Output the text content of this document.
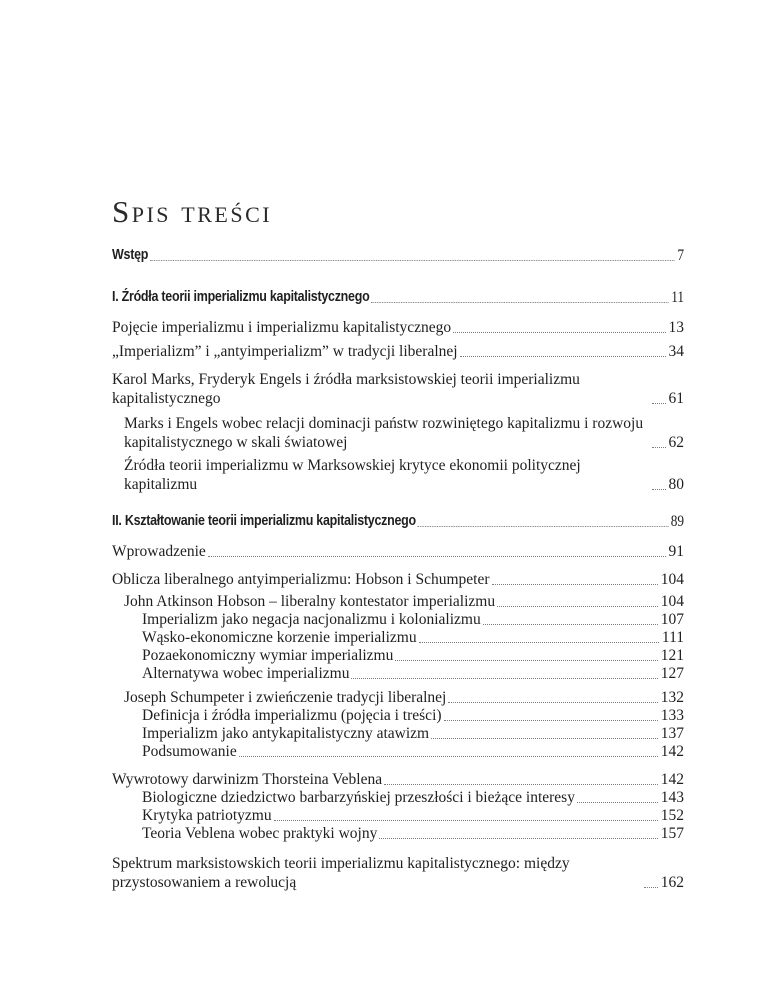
Spis treści
Wstęp	7
I. Źródła teorii imperializmu kapitalistycznego	11
Pojęcie imperializmu i imperializmu kapitalistycznego	13
„Imperializm” i „antyimperializm” w tradycji liberalnej	34
Karol Marks, Fryderyk Engels i źródła marksistowskiej teorii imperializmu kapitalistycznego	61
Marks i Engels wobec relacji dominacji państw rozwiniętego kapitalizmu i rozwoju kapitalistycznego w skali światowej	62
Źródła teorii imperializmu w Marksowskiej krytyce ekonomii politycznej kapitalizmu	80
II. Kształtowanie teorii imperializmu kapitalistycznego	89
Wprowadzenie	91
Oblicza liberalnego antyimperializmu: Hobson i Schumpeter	104
John Atkinson Hobson – liberalny kontestator imperializmu	104
Imperializm jako negacja nacjonalizmu i kolonializmu	107
Wąsko-ekonomiczne korzenie imperializmu	111
Pozaekonomiczny wymiar imperializmu	121
Alternatywa wobec imperializmu	127
Joseph Schumpeter i zwieńczenie tradycji liberalnej	132
Definicja i źródła imperializmu (pojęcia i treści)	133
Imperializm jako antykapitalistyczny atawizm	137
Podsumowanie	142
Wywrotowy darwinizm Thorsteina Veblena	142
Biologiczne dziedzictwo barbarzyńskiej przeszłości i bieżące interesy	143
Krytyka patriotyzmu	152
Teoria Veblena wobec praktyki wojny	157
Spektrum marksistowskich teorii imperializmu kapitalistycznego: między przystosowaniem a rewolucją	162
